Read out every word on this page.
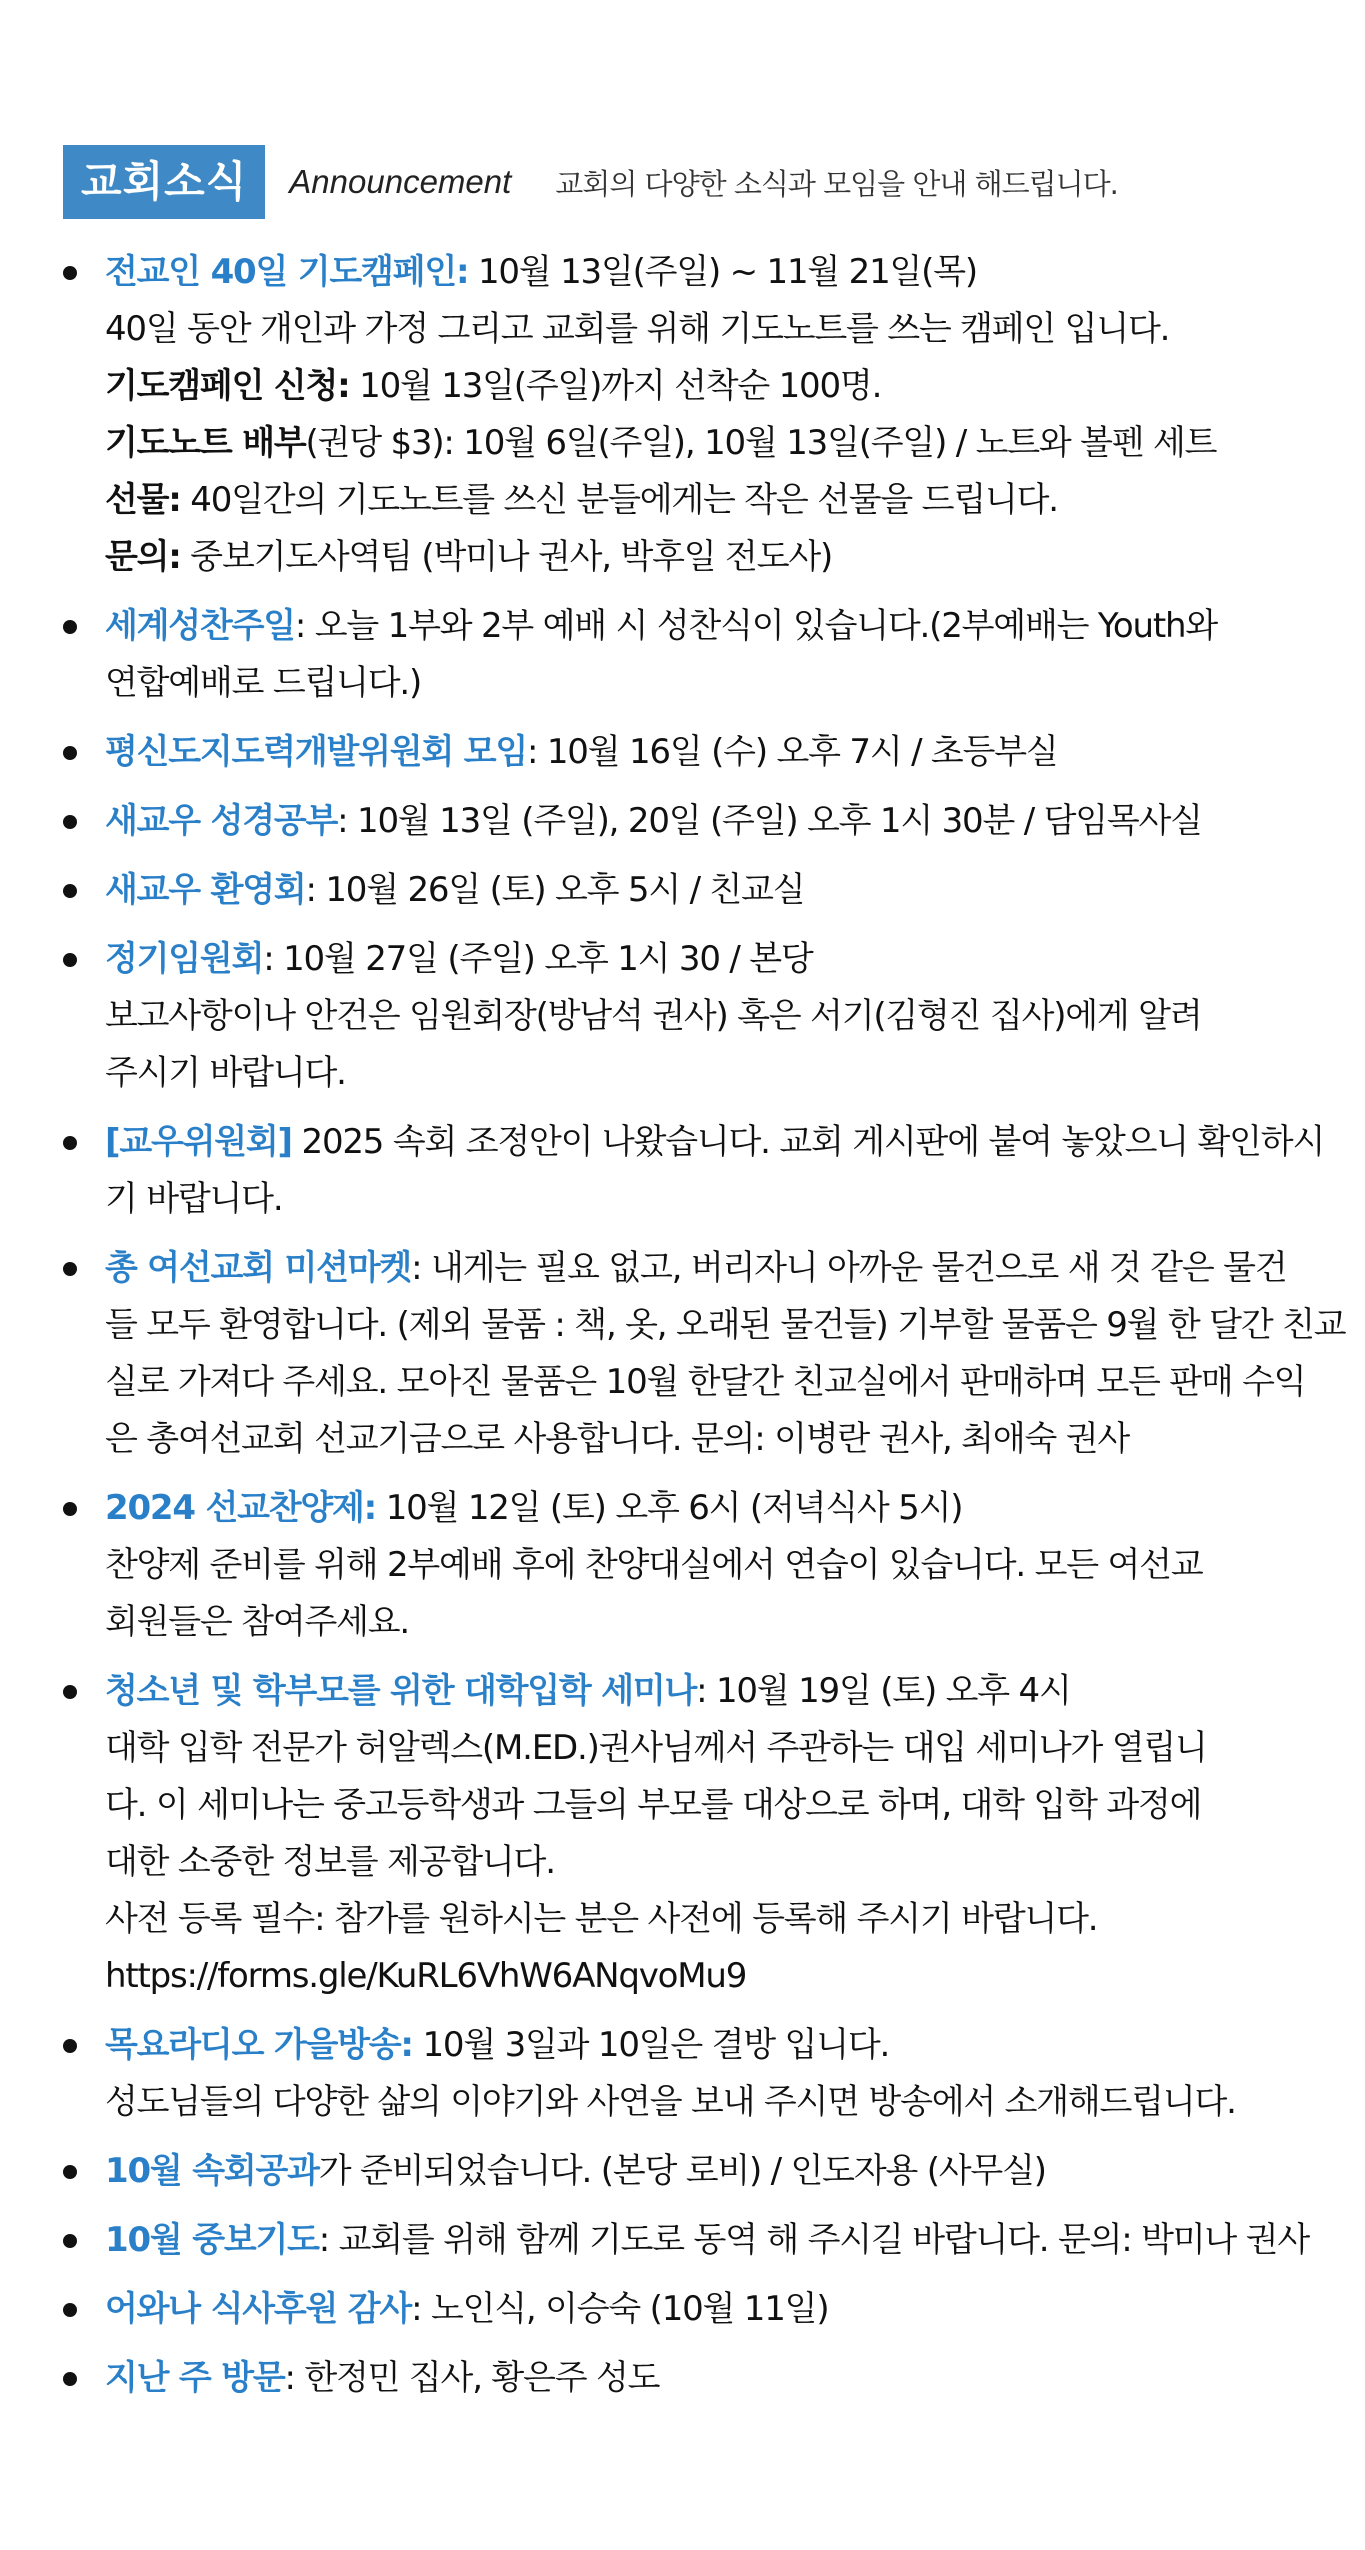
교회소식	Announcement 교회의 다양한 소식과 모임을 안내 해드립니다.
전교인 40일 기도캠페인: 10월 13일(주일) ~ 11월 21일(목)
40일 동안 개인과 가정 그리고 교회를 위해 기도노트를 쓰는 캠페인 입니다.
기도캠페인 신청: 10월 13일(주일)까지 선착순 100명.
기도노트 배부(권당 $3): 10월 6일(주일), 10월 13일(주일) / 노트와 볼펜 세트
선물: 40일간의 기도노트를 쓰신 분들에게는 작은 선물을 드립니다.
문의: 중보기도사역팀 (박미나 권사, 박후일 전도사)
세계성찬주일: 오늘 1부와 2부 예배 시 성찬식이 있습니다.(2부예배는 Youth와
연합예배로 드립니다.)
평신도지도력개발위원회 모임: 10월 16일 (수) 오후 7시 / 초등부실
새교우 성경공부: 10월 13일 (주일), 20일 (주일) 오후 1시 30분 / 담임목사실
새교우 환영회: 10월 26일 (토) 오후 5시 / 친교실
정기임원회: 10월 27일 (주일) 오후 1시 30 / 본당
보고사항이나 안건은 임원회장(방남석 권사) 혹은 서기(김형진 집사)에게 알려
주시기 바랍니다.
[교우위원회] 2025 속회 조정안이 나왔습니다. 교회 게시판에 붙여 놓았으니 확인하시
기 바랍니다.
총 여선교회 미션마켓: 내게는 필요 없고, 버리자니 아까운 물건으로 새 것 같은 물건
들 모두 환영합니다. (제외 물품 : 책, 옷, 오래된 물건들) 기부할 물품은 9월 한 달간 친교
실로 가져다 주세요. 모아진 물품은 10월 한달간 친교실에서 판매하며 모든 판매 수익
은 총여선교회 선교기금으로 사용합니다. 문의: 이병란 권사, 최애숙 권사
2024 선교찬양제: 10월 12일 (토) 오후 6시 (저녁식사 5시)
찬양제 준비를 위해 2부예배 후에 찬양대실에서 연습이 있습니다. 모든 여선교
회원들은 참여주세요.
청소년 및 학부모를 위한 대학입학 세미나: 10월 19일 (토) 오후 4시
대학 입학 전문가 허알렉스(M.ED.)권사님께서 주관하는 대입 세미나가 열립니
다. 이 세미나는 중고등학생과 그들의 부모를 대상으로 하며, 대학 입학 과정에
대한 소중한 정보를 제공합니다.
사전 등록 필수: 참가를 원하시는 분은 사전에 등록해 주시기 바랍니다.
https://forms.gle/KuRL6VhW6ANqvoMu9
목요라디오 가을방송: 10월 3일과 10일은 결방 입니다.
성도님들의 다양한 삶의 이야기와 사연을 보내 주시면 방송에서 소개해드립니다.
10월 속회공과가 준비되었습니다. (본당 로비) / 인도자용 (사무실)
10월 중보기도: 교회를 위해 함께 기도로 동역 해 주시길 바랍니다. 문의: 박미나 권사
어와나 식사후원 감사: 노인식, 이승숙 (10월 11일)
지난 주 방문: 한정민 집사, 황은주 성도
